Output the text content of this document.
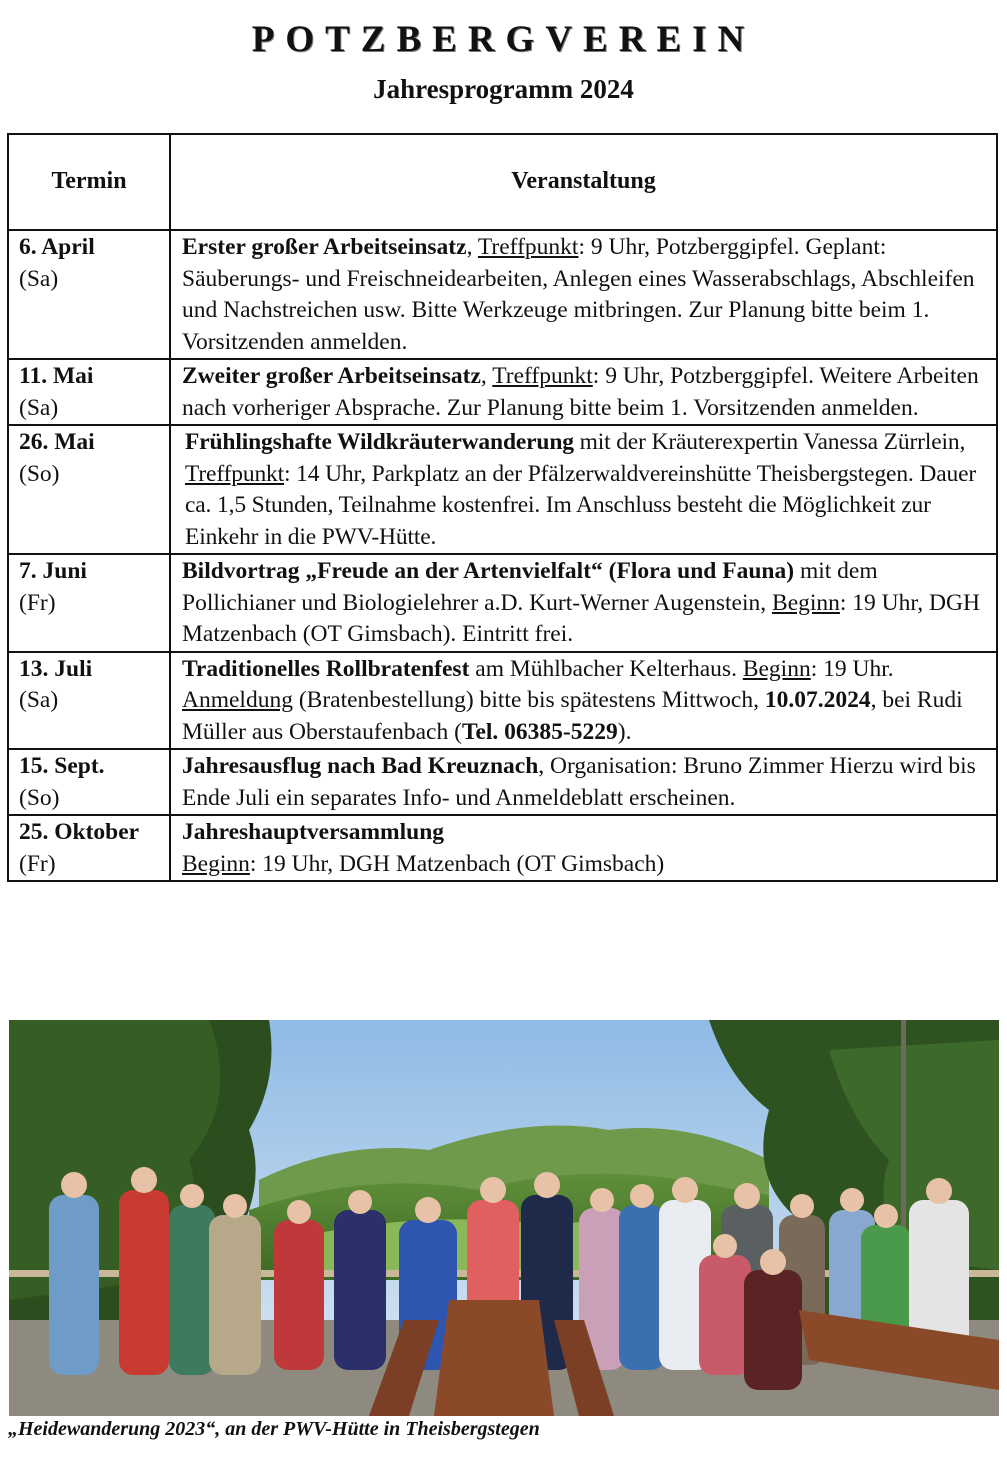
POTZBERGVEREIN
Jahresprogramm 2024
Termin	Veranstaltung

6. April
(Sa)	Erster großer Arbeitseinsatz, Treffpunkt: 9 Uhr, Potzberggipfel. Geplant: Säuberungs- und Freischneidearbeiten, Anlegen eines Wasserabschlags, Abschleifen und Nachstreichen usw. Bitte Werkzeuge mitbringen. Zur Planung bitte beim 1. Vorsitzenden anmelden.

11. Mai
(Sa)	Zweiter großer Arbeitseinsatz, Treffpunkt: 9 Uhr, Potzberggipfel. Weitere Arbeiten nach vorheriger Absprache. Zur Planung bitte beim 1. Vorsitzenden anmelden.

26. Mai
(So)	Frühlingshafte Wildkräuterwanderung mit der Kräuterexpertin Vanessa Zürrlein, Treffpunkt: 14 Uhr, Parkplatz an der Pfälzerwaldvereinshütte Theisbergstegen. Dauer ca. 1,5 Stunden, Teilnahme kostenfrei. Im Anschluss besteht die Möglichkeit zur Einkehr in die PWV-Hütte.

7. Juni
(Fr)	Bildvortrag „Freude an der Artenvielfalt“ (Flora und Fauna) mit dem Pollichianer und Biologielehrer a.D. Kurt-Werner Augenstein, Beginn: 19 Uhr, DGH Matzenbach (OT Gimsbach). Eintritt frei.

13. Juli
(Sa)	Traditionelles Rollbratenfest am Mühlbacher Kelterhaus. Beginn: 19 Uhr. Anmeldung (Bratenbestellung) bitte bis spätestens Mittwoch, 10.07.2024, bei Rudi Müller aus Oberstaufenbach (Tel. 06385-5229).

15. Sept.
(So)	Jahresausflug nach Bad Kreuznach, Organisation: Bruno Zimmer Hierzu wird bis Ende Juli ein separates Info- und Anmeldeblatt erscheinen.

25. Oktober
(Fr)	Jahreshauptversammlung
Beginn: 19 Uhr, DGH Matzenbach (OT Gimsbach)
„Heidewanderung 2023“, an der PWV-Hütte in Theisbergstegen
